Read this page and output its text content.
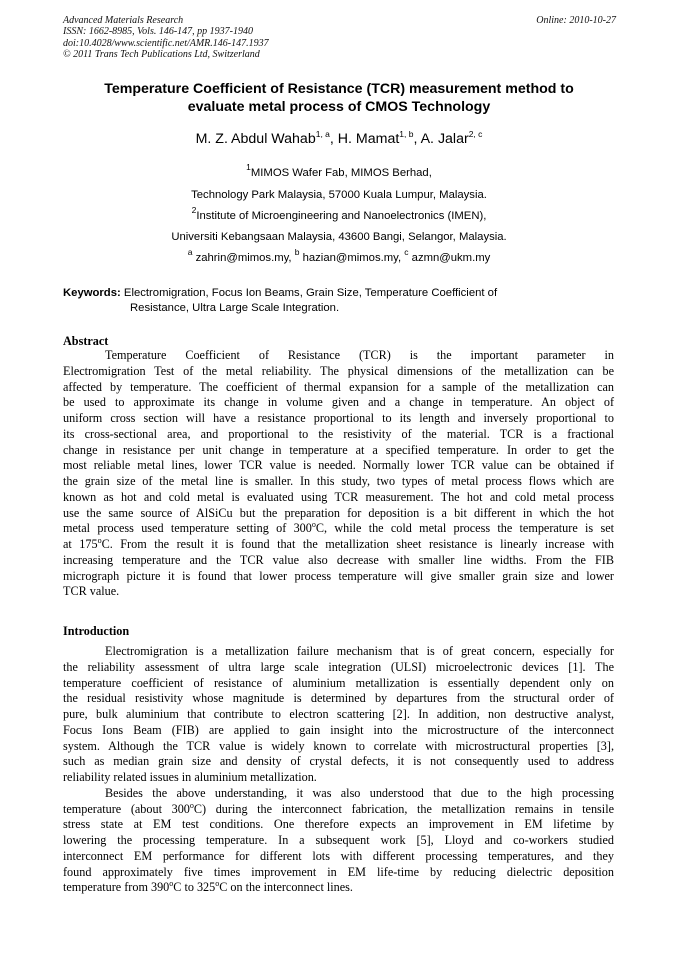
Advanced Materials Research
ISSN: 1662-8985, Vols. 146-147, pp 1937-1940
doi:10.4028/www.scientific.net/AMR.146-147.1937
© 2011 Trans Tech Publications Ltd, Switzerland
Online: 2010-10-27
Temperature Coefficient of Resistance (TCR) measurement method to
evaluate metal process of CMOS Technology
M. Z. Abdul Wahab$^{1, a}$, H. Mamat$^{1, b}$, A. Jalar$^{2, c}$
$^1$MIMOS Wafer Fab, MIMOS Berhad,
Technology Park Malaysia, 57000 Kuala Lumpur, Malaysia.
$^2$Institute of Microengineering and Nanoelectronics (IMEN),
Universiti Kebangsaan Malaysia, 43600 Bangi, Selangor, Malaysia.
$^a$ zahrin@mimos.my, $^b$ hazian@mimos.my, $^c$ azmn@ukm.my
Keywords: Electromigration, Focus Ion Beams, Grain Size, Temperature Coefficient of
Resistance, Ultra Large Scale Integration.
Abstract
Temperature Coefficient of Resistance (TCR) is the important parameter in
Electromigration Test of the metal reliability. The physical dimensions of the metallization can be
affected by temperature. The coefficient of thermal expansion for a sample of the metallization can
be used to approximate its change in volume given and a change in temperature. An object of
uniform cross section will have a resistance proportional to its length and inversely proportional to
its cross-sectional area, and proportional to the resistivity of the material. TCR is a fractional
change in resistance per unit change in temperature at a specified temperature. In order to get the
most reliable metal lines, lower TCR value is needed. Normally lower TCR value can be obtained if
the grain size of the metal line is smaller. In this study, two types of metal process flows which are
known as hot and cold metal is evaluated using TCR measurement. The hot and cold metal process
use the same source of AlSiCu but the preparation for deposition is a bit different in which the hot
metal process used temperature setting of 300$^o$C, while the cold metal process the temperature is set
at 175$^o$C. From the result it is found that the metallization sheet resistance is linearly increase with
increasing temperature and the TCR value also decrease with smaller line widths. From the FIB
micrograph picture it is found that lower process temperature will give smaller grain size and lower
TCR value.
Introduction
Electromigration is a metallization failure mechanism that is of great concern, especially for
the reliability assessment of ultra large scale integration (ULSI) microelectronic devices [1]. The
temperature coefficient of resistance of aluminium metallization is essentially dependent only on
the residual resistivity whose magnitude is determined by departures from the structural order of
pure, bulk aluminium that contribute to electron scattering [2]. In addition, non destructive analyst,
Focus Ions Beam (FIB) are applied to gain insight into the microstructure of the interconnect
system. Although the TCR value is widely known to correlate with microstructural properties [3],
such as median grain size and density of crystal defects, it is not consequently used to address
reliability related issues in aluminium metallization.
Besides the above understanding, it was also understood that due to the high processing
temperature (about 300$^o$C) during the interconnect fabrication, the metallization remains in tensile
stress state at EM test conditions. One therefore expects an improvement in EM lifetime by
lowering the processing temperature. In a subsequent work [5], Lloyd and co-workers studied
interconnect EM performance for different lots with different processing temperatures, and they
found approximately five times improvement in EM life-time by reducing dielectric deposition
temperature from 390$^o$C to 325$^o$C on the interconnect lines.
